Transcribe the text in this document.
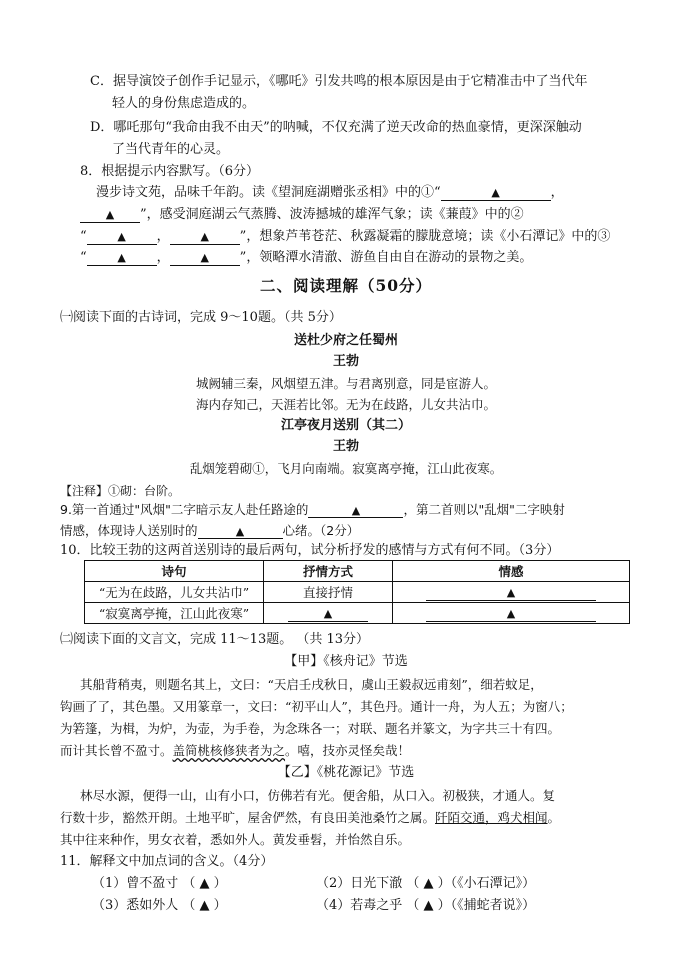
C．据导演饺子创作手记显示，《哪吒》引发共鸣的根本原因是由于它精准击中了当代年
轻人的身份焦虑造成的。
D．哪吒那句“我命由我不由天”的呐喊，不仅充满了逆天改命的热血豪情，更深深触动
了当代青年的心灵。
8．根据提示内容默写。（6分）
漫步诗文苑，品味千年韵。读《望洞庭湖赠张丞相》中的①“	▲	，
▲ ”，感受洞庭湖云气蒸腾、波涛撼城的雄浑气象；读《蒹葭》中的②
“	▲ ，	▲ ”，想象芦苇苍茫、秋露凝霜的朦胧意境；读《小石潭记》中的③
“	▲ ，	▲ ”，领略潭水清澈、游鱼自由自在游动的景物之美。
二、阅读理解（50分）
㈠阅读下面的古诗词，完成 9～10题。（共 5分）
送杜少府之任蜀州
王勃
城阙辅三秦，风烟望五津。与君离别意，同是宦游人。
海内存知己，天涯若比邻。无为在歧路，儿女共沾巾。
江亭夜月送别（其二）
王勃
乱烟笼碧砌①，飞月向南端。寂寞离亭掩，江山此夜寒。
【注释】①砌：台阶。
9.第一首通过"风烟"二字暗示友人赴任路途的	▲	，第二首则以"乱烟"二字映射
情感，体现诗人送别时的	▲	心绪。（2分）
10．比较王勃的这两首送别诗的最后两句，试分析抒发的感情与方式有何不同。（3分）
诗句	抒情方式	情感
“无为在歧路，儿女共沾巾”	直接抒情	▲
“寂寞离亭掩，江山此夜寒”	▲	▲
㈡阅读下面的文言文，完成 11～13题。 （共 13分）
【甲】《核舟记》节选
其船背稍夷，则题名其上，文曰：“天启壬戌秋日，虞山王毅叔远甫刻”，细若蚊足，
钩画了了，其色墨。又用篆章一，文曰：“初平山人”，其色丹。通计一舟，为人五；为窗八；
为箬篷，为楫，为炉，为壶，为手卷，为念珠各一；对联、题名并篆文，为字共三十有四。
而计其长曾不盈寸。盖简桃核修狭者为之。嘻，技亦灵怪矣哉！
【乙】《桃花源记》节选
林尽水源，便得一山，山有小口，仿佛若有光。便舍船，从口入。初极狭，才通人。复
行数十步，豁然开朗。土地平旷，屋舍俨然，有良田美池桑竹之属。阡陌交通，鸡犬相闻。
其中往来种作，男女衣着，悉如外人。黄发垂髫，并怡然自乐。
11．解释文中加点词的含义。（4分）
（1）曾不盈寸 （ ▲ ）	（2）日光下澈 （ ▲ ）（《小石潭记》）
（3）悉如外人 （ ▲ ）	（4）若毒之乎 （ ▲ ）（《捕蛇者说》）
